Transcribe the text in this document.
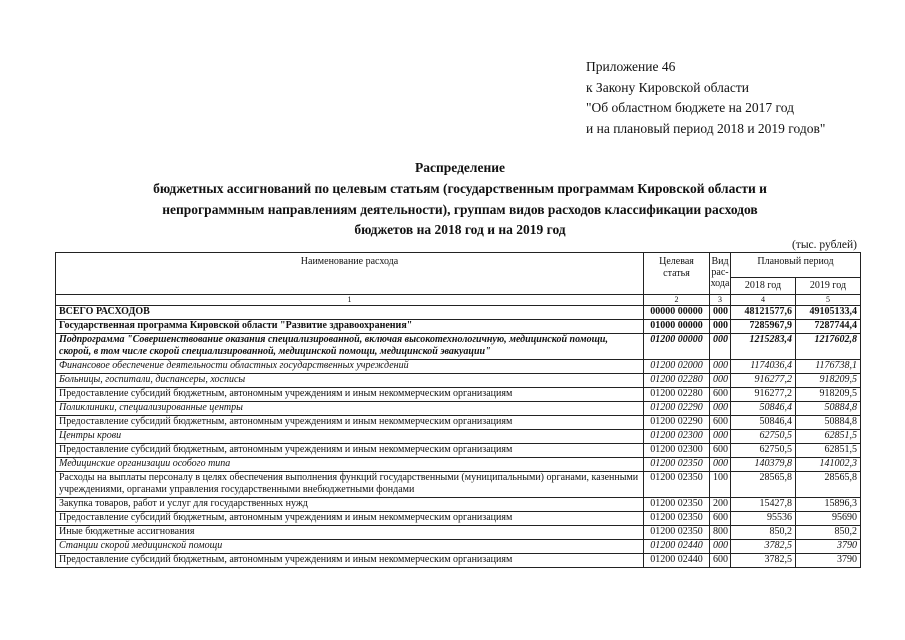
Приложение 46
к Закону Кировской области
"Об областном бюджете на 2017 год
и на плановый период 2018 и 2019 годов"
Распределение
бюджетных ассигнований по целевым статьям (государственным программам Кировской области и
непрограммным направлениям деятельности), группам видов расходов классификации расходов
бюджетов на 2018 год и на 2019 год
(тыс. рублей)
Наименование расхода	Целевая статья	Вид
рас-
хода	Плановый период	
			2018 год	2019 год
1	2	3	4	5
ВСЕГО РАСХОДОВ	00000 00000	000	48121577,6	49105133,4
Государственная программа Кировской области "Развитие здравоохранения"	01000 00000	000	7285967,9	7287744,4
Подпрограмма "Совершенствование оказания специализированной, включая высокотехнологичную, медицинской помощи, скорой, в том числе скорой специализированной, медицинской помощи, медицинской эвакуации"	01200 00000	000	1215283,4	1217602,8
Финансовое обеспечение деятельности областных государственных учреждений	01200 02000	000	1174036,4	1176738,1
Больницы, госпитали, диспансеры, хосписы	01200 02280	000	916277,2	918209,5
Предоставление субсидий бюджетным, автономным учреждениям и иным некоммерческим организациям	01200 02280	600	916277,2	918209,5
Поликлиники, специализированные центры	01200 02290	000	50846,4	50884,8
Предоставление субсидий бюджетным, автономным учреждениям и иным некоммерческим организациям	01200 02290	600	50846,4	50884,8
Центры крови	01200 02300	000	62750,5	62851,5
Предоставление субсидий бюджетным, автономным учреждениям и иным некоммерческим организациям	01200 02300	600	62750,5	62851,5
Медицинские организации особого типа	01200 02350	000	140379,8	141002,3
Расходы на выплаты персоналу в целях обеспечения выполнения функций государственными (муниципальными) органами, казенными учреждениями, органами управления государственными внебюджетными фондами	01200 02350	100	28565,8	28565,8
Закупка товаров, работ и услуг для государственных нужд	01200 02350	200	15427,8	15896,3
Предоставление субсидий бюджетным, автономным учреждениям и иным некоммерческим организациям	01200 02350	600	95536	95690
Иные бюджетные ассигнования	01200 02350	800	850,2	850,2
Станции скорой медицинской помощи	01200 02440	000	3782,5	3790
Предоставление субсидий бюджетным, автономным учреждениям и иным некоммерческим организациям	01200 02440	600	3782,5	3790
